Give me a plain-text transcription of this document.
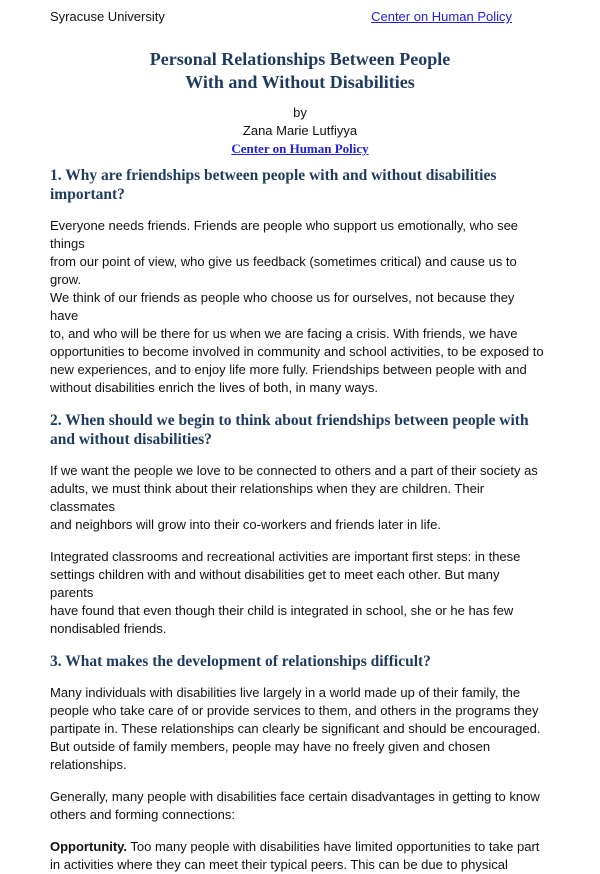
Syracuse University	Center on Human Policy
Personal Relationships Between People
With and Without Disabilities
by
Zana Marie Lutfiyya
Center on Human Policy
1. Why are friendships between people with and without disabilities
important?

Everyone needs friends. Friends are people who support us emotionally, who see things
from our point of view, who give us feedback (sometimes critical) and cause us to grow.
We think of our friends as people who choose us for ourselves, not because they have
to, and who will be there for us when we are facing a crisis. With friends, we have
opportunities to become involved in community and school activities, to be exposed to
new experiences, and to enjoy life more fully. Friendships between people with and
without disabilities enrich the lives of both, in many ways.

2. When should we begin to think about friendships between people with
and without disabilities?

If we want the people we love to be connected to others and a part of their society as
adults, we must think about their relationships when they are children. Their classmates
and neighbors will grow into their co-workers and friends later in life.

Integrated classrooms and recreational activities are important first steps: in these
settings children with and without disabilities get to meet each other. But many parents
have found that even though their child is integrated in school, she or he has few
nondisabled friends.

3. What makes the development of relationships difficult?

Many individuals with disabilities live largely in a world made up of their family, the
people who take care of or provide services to them, and others in the programs they
partipate in. These relationships can clearly be significant and should be encouraged.
But outside of family members, people may have no freely given and chosen
relationships.

Generally, many people with disabilities face certain disadvantages in getting to know
others and forming connections:

Opportunity. Too many people with disabilities have limited opportunities to take part
in activities where they can meet their typical peers. This can be due to physical
